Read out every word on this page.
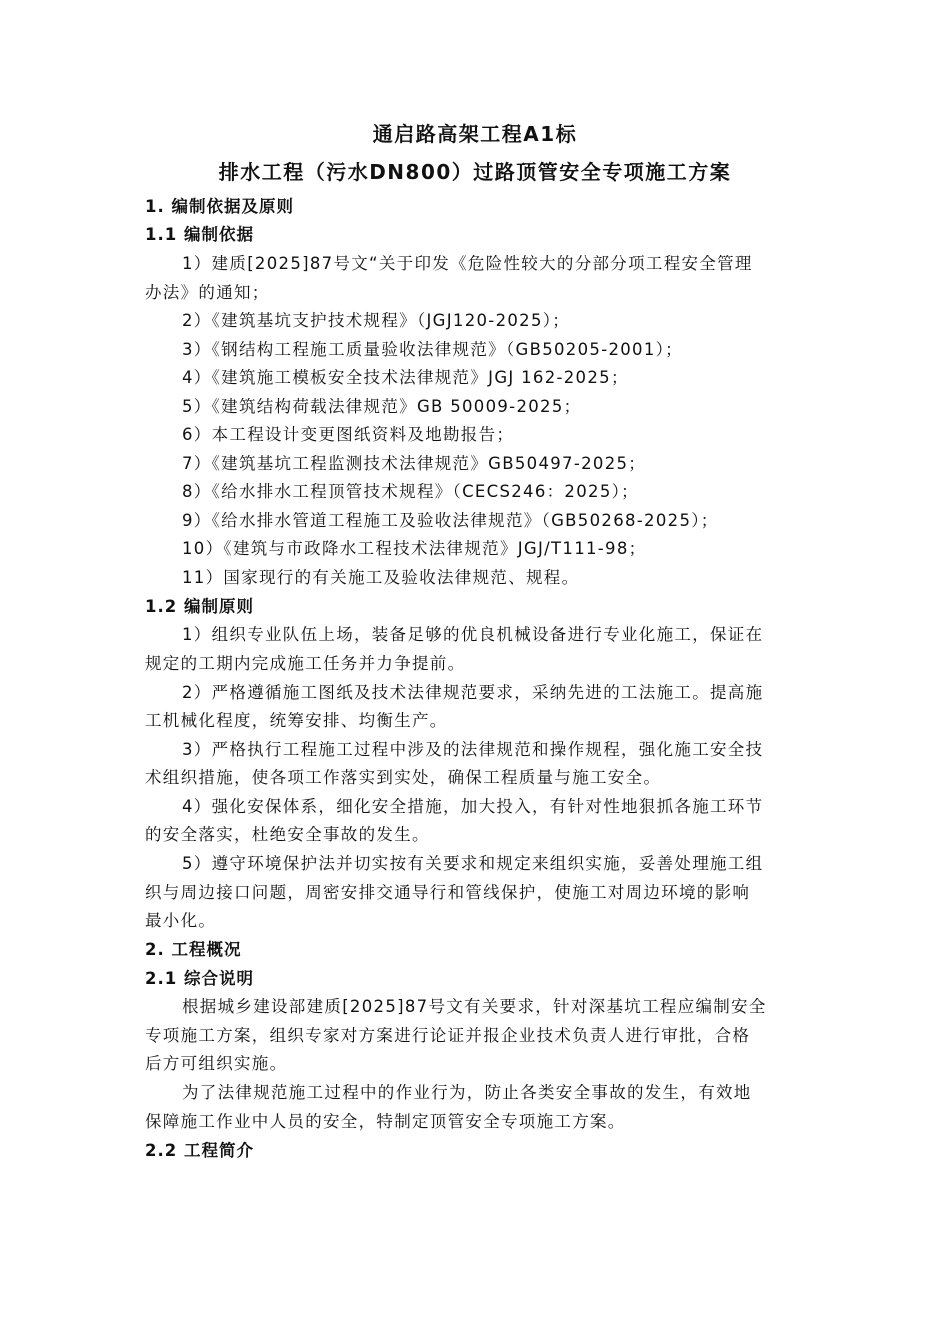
通启路高架工程A1标
排水工程（污水DN800）过路顶管安全专项施工方案
1. 编制依据及原则
1.1 编制依据
1）建质[2025]87号文“关于印发《危险性较大的分部分项工程安全管理
办法》的通知；
2）《建筑基坑支护技术规程》（JGJ120-2025）；
3）《钢结构工程施工质量验收法律规范》（GB50205-2001）；
4）《建筑施工模板安全技术法律规范》JGJ 162-2025；
5）《建筑结构荷载法律规范》GB 50009-2025；
6）本工程设计变更图纸资料及地勘报告；
7）《建筑基坑工程监测技术法律规范》GB50497-2025；
8）《给水排水工程顶管技术规程》（CECS246：2025）；
9）《给水排水管道工程施工及验收法律规范》（GB50268-2025）；
10）《建筑与市政降水工程技术法律规范》JGJ/T111-98；
11）国家现行的有关施工及验收法律规范、规程。
1.2 编制原则
1）组织专业队伍上场，装备足够的优良机械设备进行专业化施工，保证在
规定的工期内完成施工任务并力争提前。
2）严格遵循施工图纸及技术法律规范要求，采纳先进的工法施工。提高施
工机械化程度，统筹安排、均衡生产。
3）严格执行工程施工过程中涉及的法律规范和操作规程，强化施工安全技
术组织措施，使各项工作落实到实处，确保工程质量与施工安全。
4）强化安保体系，细化安全措施，加大投入，有针对性地狠抓各施工环节
的安全落实，杜绝安全事故的发生。
5）遵守环境保护法并切实按有关要求和规定来组织实施，妥善处理施工组
织与周边接口问题，周密安排交通导行和管线保护，使施工对周边环境的影响
最小化。
2. 工程概况
2.1 综合说明
根据城乡建设部建质[2025]87号文有关要求，针对深基坑工程应编制安全
专项施工方案，组织专家对方案进行论证并报企业技术负责人进行审批，合格
后方可组织实施。
为了法律规范施工过程中的作业行为，防止各类安全事故的发生，有效地
保障施工作业中人员的安全，特制定顶管安全专项施工方案。
2.2 工程简介
